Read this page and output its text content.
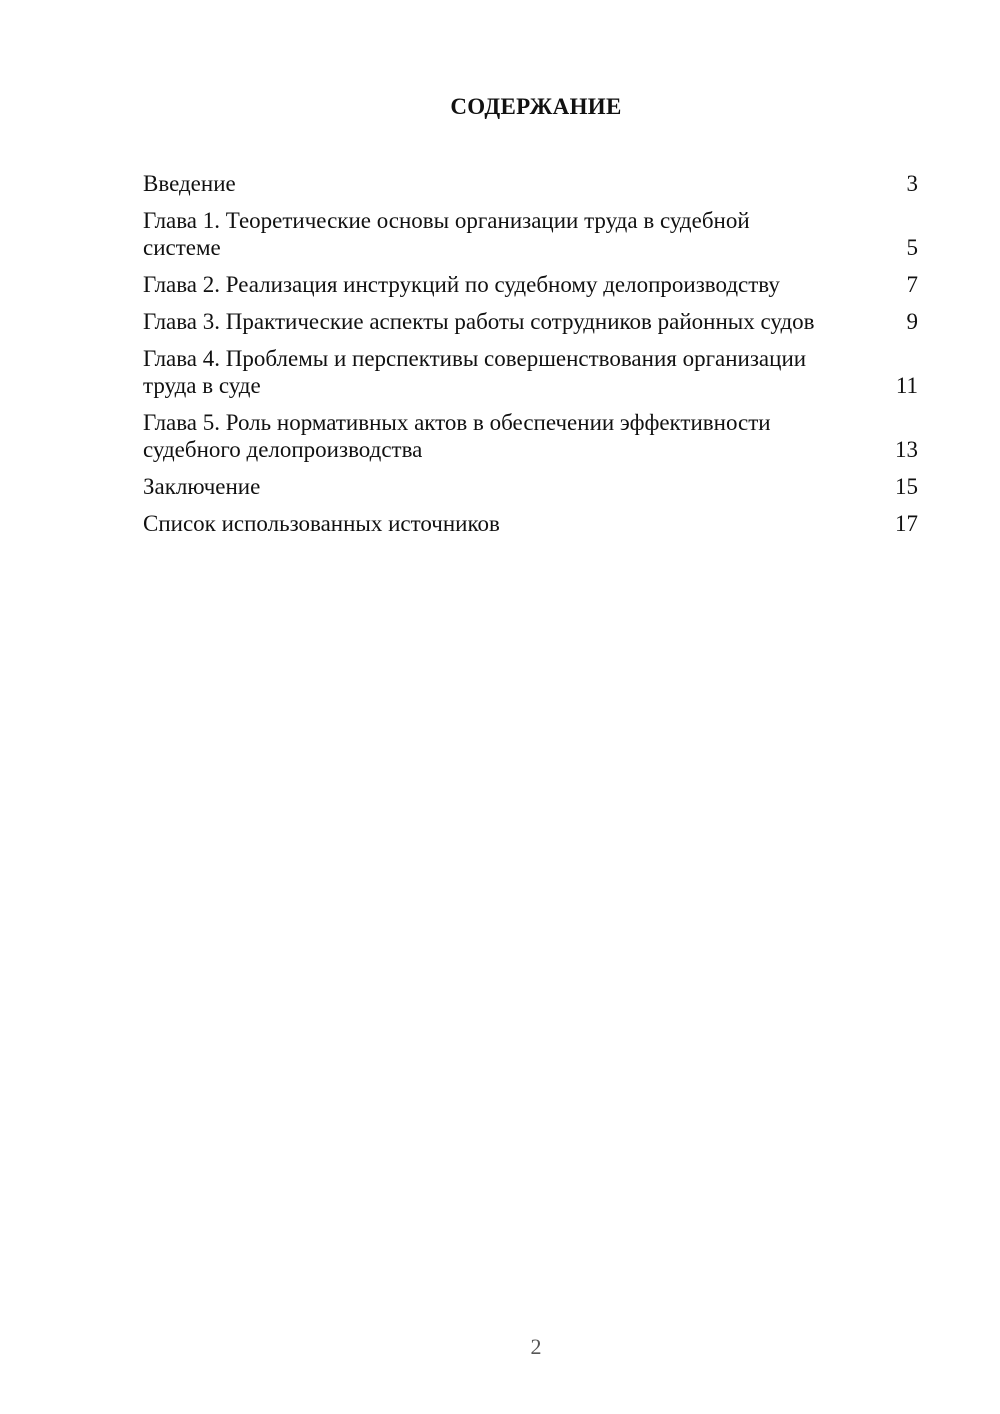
СОДЕРЖАНИЕ
Введение	3
Глава 1. Теоретические основы организации труда в судебной системе	5
Глава 2. Реализация инструкций по судебному делопроизводству	7
Глава 3. Практические аспекты работы сотрудников районных судов	9
Глава 4. Проблемы и перспективы совершенствования организации труда в суде	11
Глава 5. Роль нормативных актов в обеспечении эффективности судебного делопроизводства	13
Заключение	15
Список использованных источников	17
2
